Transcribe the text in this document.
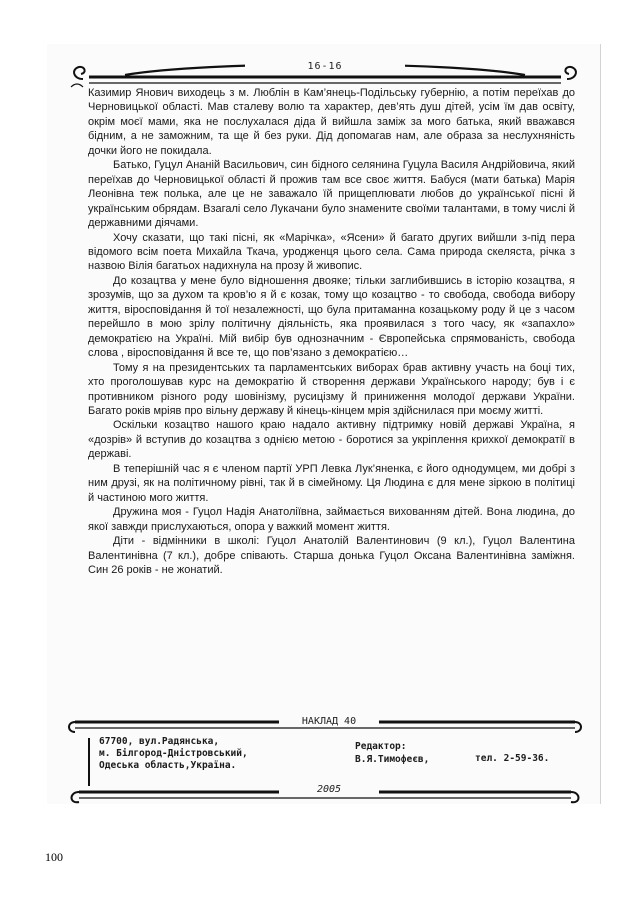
16-16

Казимир Янович виходець з м. Люблін в Кам’янець-Подільську губернію, а потім переїхав до Черновицької області. Мав сталеву волю та характер, дев’ять душ дітей, усім їм дав освіту, окрім моєї мами, яка не послухалася діда й вийшла заміж за мого батька, який вважався бідним, а не заможним, та ще й без руки. Дід допомагав нам, але образа за неслухняність дочки його не покидала.

Батько, Гуцул Ананій Васильович, син бідного селянина Гуцула Василя Андрійовича, який переїхав до Черновицької області й прожив там все своє життя. Бабуся (мати батька) Марія Леонівна теж полька, але це не заважало їй прищеплювати любов до української пісні й українським обрядам. Взагалі село Лукачани було знамените своїми талантами, в тому числі й державними діячами.

Хочу сказати, що такі пісні, як «Марічка», «Ясени» й багато других вийшли з-під пера відомого всім поета Михайла Ткача, уродженця цього села. Сама природа скеляста, річка з назвою Вілія багатьох надихнула на прозу й живопис.

До козацтва у мене було відношення двояке; тільки заглибившись в історію козацтва, я зрозумів, що за духом та кров’ю я й є козак, тому що козацтво - то свобода, свобода вибору життя, віросповідання й тої незалежності, що була притаманна козацькому роду й це з часом перейшло в мою зрілу політичну діяльність, яка проявилася з того часу, як «запахло» демократією на Україні. Мій вибір був однозначним - Європейська спрямованість, свобода слова , віросповідання й все те, що пов’язано з демократією…

Тому я на президентських та парламентських виборах брав активну участь на боці тих, хто проголошував курс на демократію й створення держави Українського народу; був і є противником різного роду шовінізму, русицізму й приниження молодої держави України. Багато років мріяв про вільну державу й кінець-кінцем мрія здійснилася при моєму житті.

Оскільки козацтво нашого краю надало активну підтримку новій державі Україна, я «дозрів» й вступив до козацтва з однією метою - боротися за укріплення крихкої демократії в державі.

В теперішній час я є членом партії УРП Левка Лук’яненка, є його однодумцем, ми добрі з ним друзі, як на політичному рівні, так й в сімейному. Ця Людина є для мене зіркою в політиці й частиною мого життя.

Дружина моя - Гуцол Надія Анатоліївна, займається вихованням дітей. Вона людина, до якої завжди прислухаються, опора у важкий момент життя.

Діти - відмінники в школі: Гуцол Анатолій Валентинович (9 кл.), Гуцол Валентина Валентинівна (7 кл.), добре співають. Старша донька Гуцол Оксана Валентинівна заміжня. Син 26 років - не жонатий.

НАКЛАД 40
67700, вул.Радянська,
м. Білгород-Дністровський,
Одеська область,Україна.
Редактор:
В.Я.Тимофеєв,	тел. 2-59-36.
2005
100
